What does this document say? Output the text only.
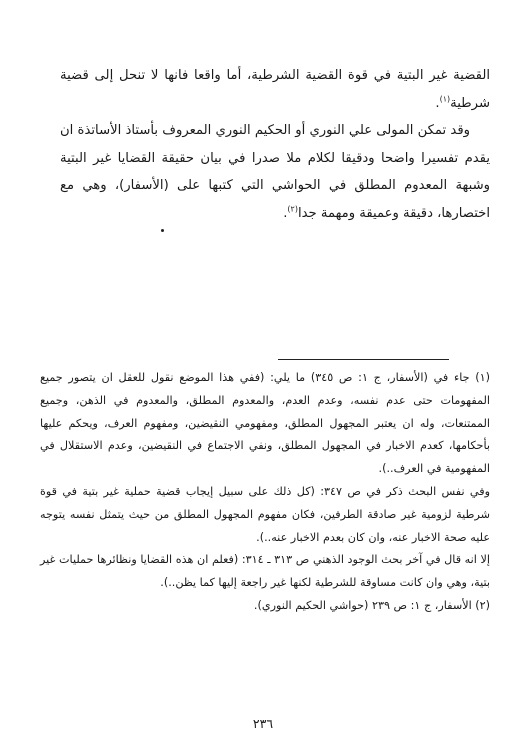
القضية غير البتية في قوة القضية الشرطية، أما واقعا فانها لا تنحل إلى قضية شرطية$^{(١)}$.

وقد تمكن المولى علي النوري أو الحكيم النوري المعروف بأستاذ الأساتذة ان يقدم تفسيرا واضحا ودقيقا لكلام ملا صدرا في بيان حقيقة القضايا غير البتية وشبهة المعدوم المطلق في الحواشي التي كتبها على (الأسفار)، وهي مع اختصارها، دقيقة وعميقة ومهمة جدا$^{(٢)}$.

(١) جاء في (الأسفار، ج ١: ص ٣٤٥) ما يلي: (ففي هذا الموضع نقول للعقل ان يتصور جميع المفهومات حتى عدم نفسه، وعدم العدم، والمعدوم المطلق، والمعدوم في الذهن، وجميع الممتنعات، وله ان يعتبر المجهول المطلق، ومفهومي النقيضين، ومفهوم العرف، ويحكم عليها بأحكامها، كعدم الاخبار في المجهول المطلق، ونفي الاجتماع في النقيضين، وعدم الاستقلال في المفهومية في العرف..).

وفي نفس البحث ذكر في ص ٣٤٧: (كل ذلك على سبيل إيجاب قضية حملية غير بتية في قوة شرطية لزومية غير صادقة الطرفين، فكان مفهوم المجهول المطلق من حيث يتمثل نفسه يتوجه عليه صحة الاخبار عنه، وان كان بعدم الاخبار عنه..).

إلا انه قال في آخر بحث الوجود الذهني ص ٣١٣ ـ ٣١٤: (فعلم ان هذه القضايا ونظائرها حمليات غير بتية، وهي وان كانت مساوقة للشرطية لكنها غير راجعة إليها كما يظن..).

(٢) الأسفار، ج ١: ص ٢٣٩ (حواشي الحكيم النوري).

٢٣٦
